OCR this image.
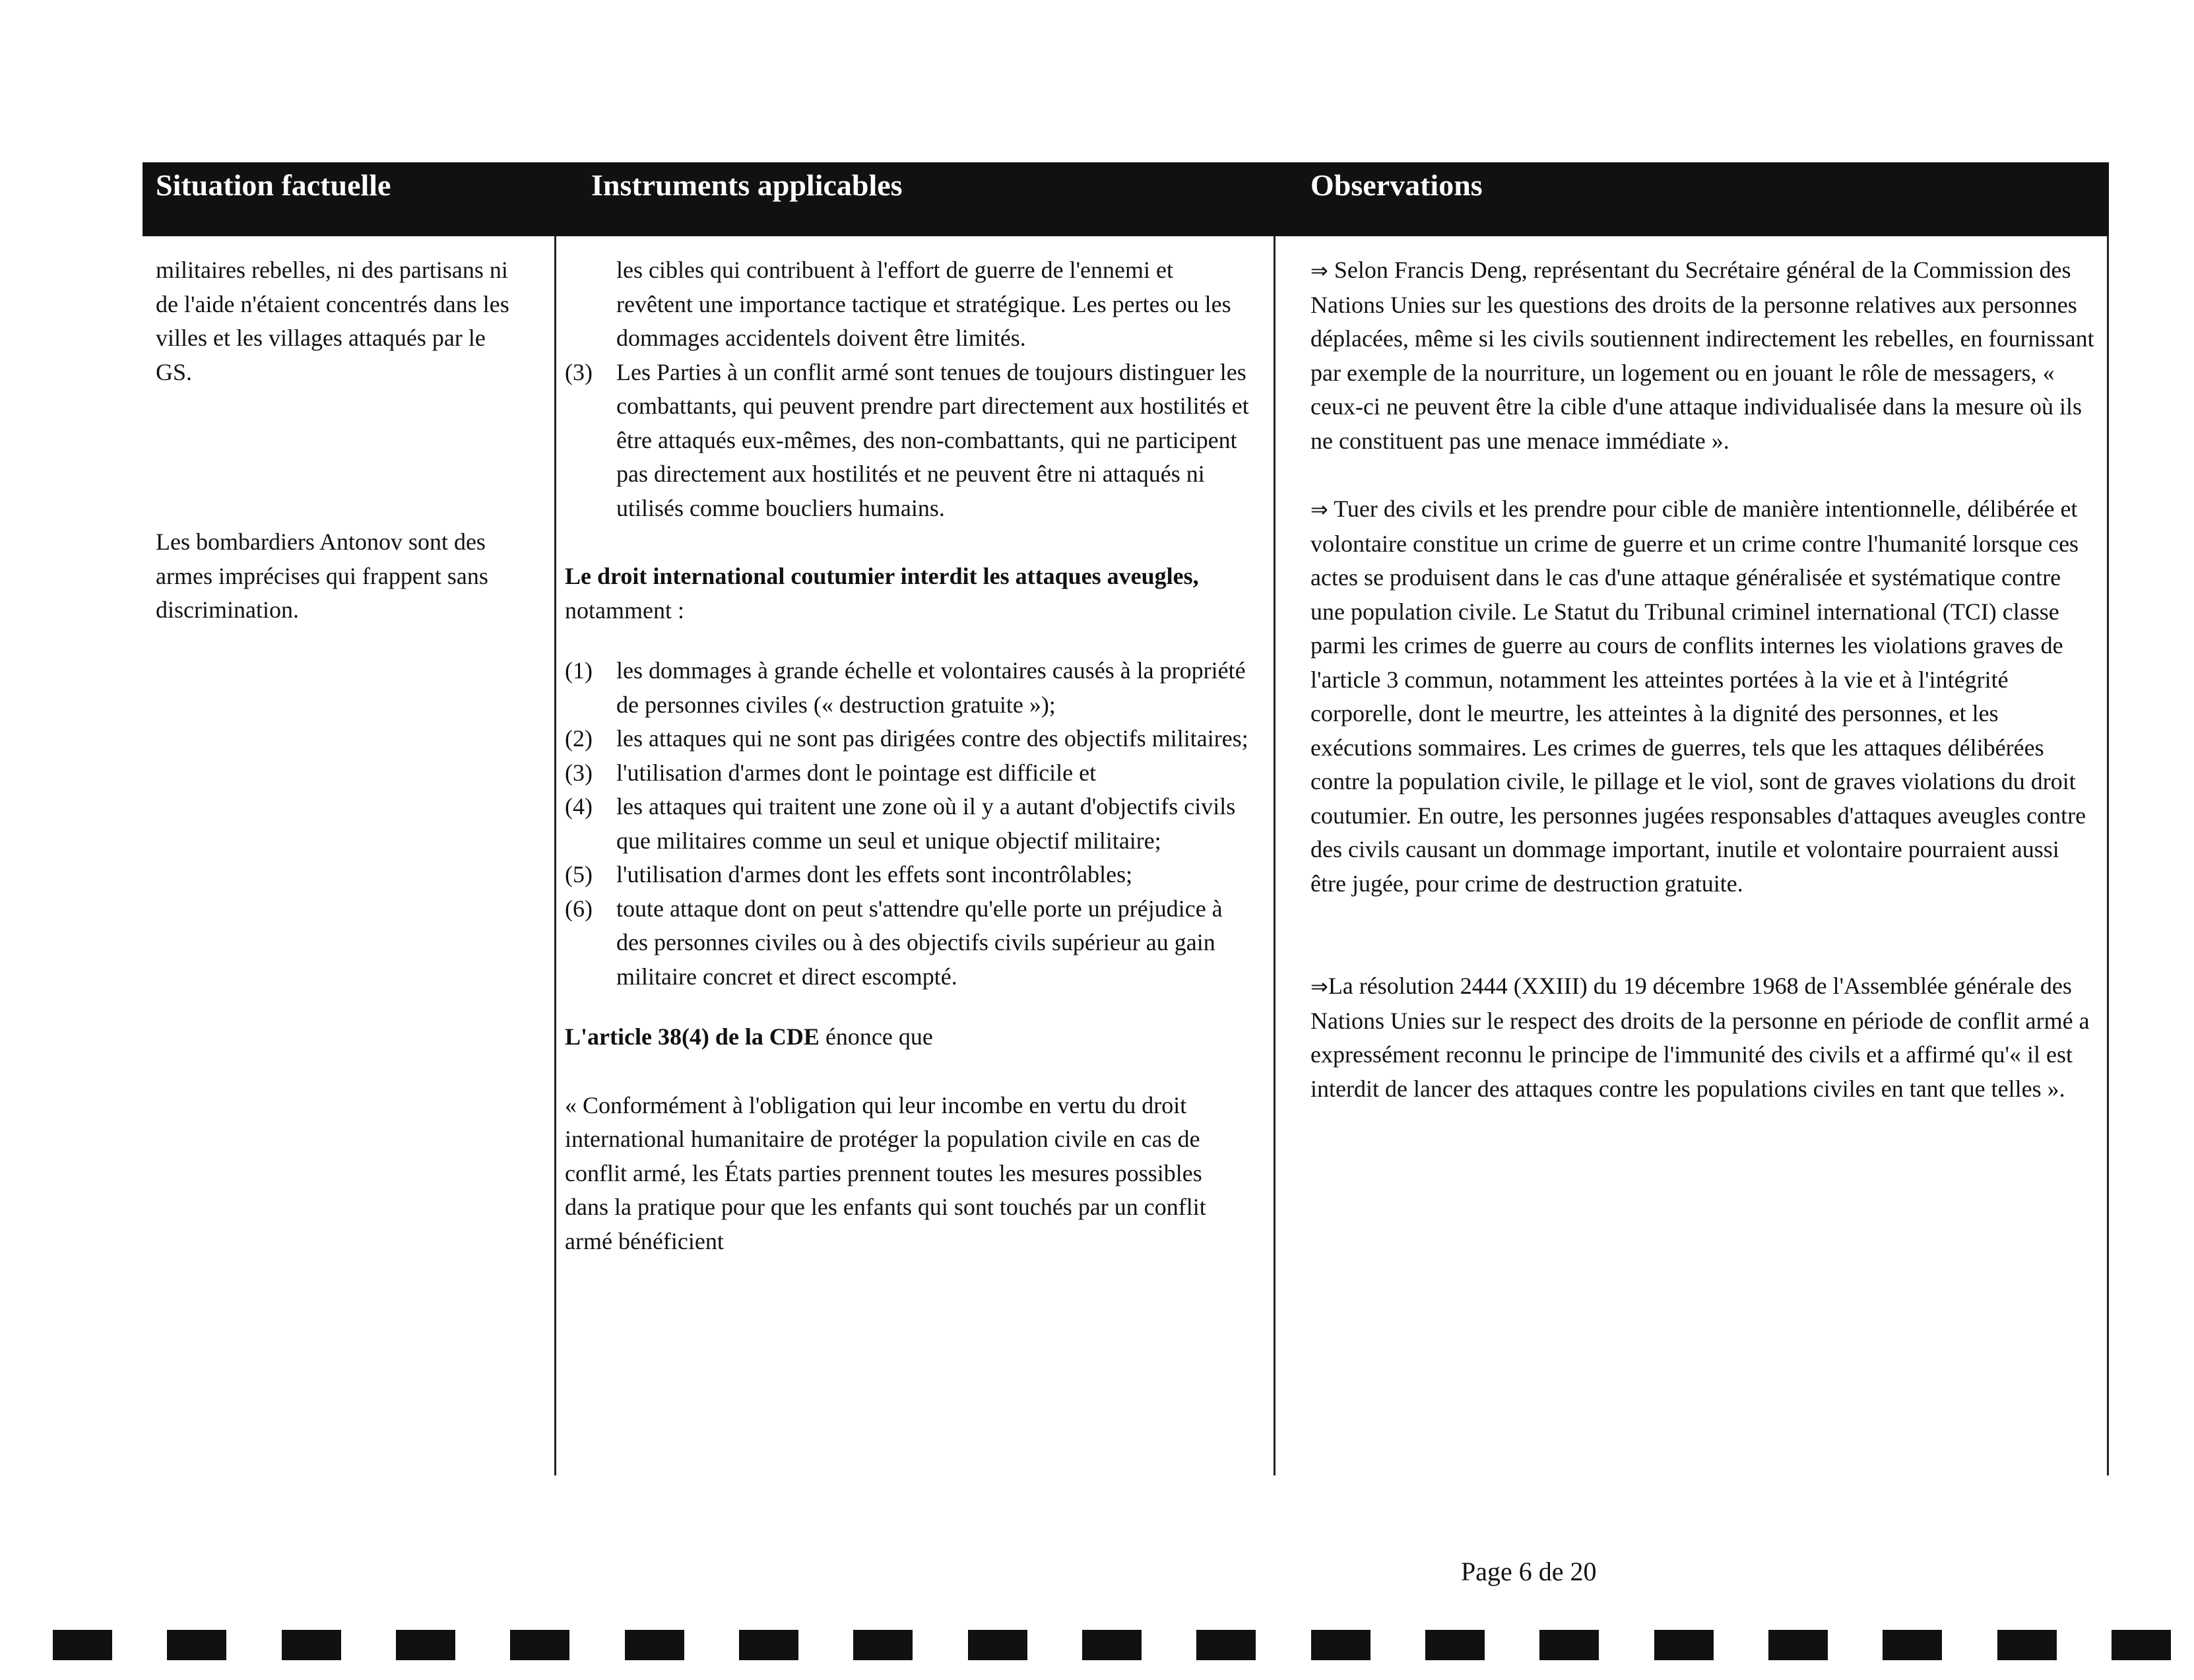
Situation factuelle	Instruments applicables	Observations

militaires rebelles, ni des partisans ni de l'aide n'étaient concentrés dans les villes et les villages attaqués par le GS.

Les bombardiers Antonov sont des armes imprécises qui frappent sans discrimination.

les cibles qui contribuent à l'effort de guerre de l'ennemi et revêtent une importance tactique et stratégique. Les pertes ou les dommages accidentels doivent être limités.

(3) Les Parties à un conflit armé sont tenues de toujours distinguer les combattants, qui peuvent prendre part directement aux hostilités et être attaqués eux-mêmes, des non-combattants, qui ne participent pas directement aux hostilités et ne peuvent être ni attaqués ni utilisés comme boucliers humains.

Le droit international coutumier interdit les attaques aveugles, notamment :

(1) les dommages à grande échelle et volontaires causés à la propriété de personnes civiles (« destruction gratuite »);
(2) les attaques qui ne sont pas dirigées contre des objectifs militaires;
(3) l'utilisation d'armes dont le pointage est difficile et
(4) les attaques qui traitent une zone où il y a autant d'objectifs civils que militaires comme un seul et unique objectif militaire;
(5) l'utilisation d'armes dont les effets sont incontrôlables;
(6) toute attaque dont on peut s'attendre qu'elle porte un préjudice à des personnes civiles ou à des objectifs civils supérieur au gain militaire concret et direct escompté.

L'article 38(4) de la CDE énonce que

« Conformément à l'obligation qui leur incombe en vertu du droit international humanitaire de protéger la population civile en cas de conflit armé, les États parties prennent toutes les mesures possibles dans la pratique pour que les enfants qui sont touchés par un conflit armé bénéficient

⇒ Selon Francis Deng, représentant du Secrétaire général de la Commission des Nations Unies sur les questions des droits de la personne relatives aux personnes déplacées, même si les civils soutiennent indirectement les rebelles, en fournissant par exemple de la nourriture, un logement ou en jouant le rôle de messagers, « ceux-ci ne peuvent être la cible d'une attaque individualisée dans la mesure où ils ne constituent pas une menace immédiate ».

⇒ Tuer des civils et les prendre pour cible de manière intentionnelle, délibérée et volontaire constitue un crime de guerre et un crime contre l'humanité lorsque ces actes se produisent dans le cas d'une attaque généralisée et systématique contre une population civile. Le Statut du Tribunal criminel international (TCI) classe parmi les crimes de guerre au cours de conflits internes les violations graves de l'article 3 commun, notamment les atteintes portées à la vie et à l'intégrité corporelle, dont le meurtre, les atteintes à la dignité des personnes, et les exécutions sommaires. Les crimes de guerres, tels que les attaques délibérées contre la population civile, le pillage et le viol, sont de graves violations du droit coutumier. En outre, les personnes jugées responsables d'attaques aveugles contre des civils causant un dommage important, inutile et volontaire pourraient aussi être jugée, pour crime de destruction gratuite.

⇒La résolution 2444 (XXIII) du 19 décembre 1968 de l'Assemblée générale des Nations Unies sur le respect des droits de la personne en période de conflit armé a expressément reconnu le principe de l'immunité des civils et a affirmé qu'« il est interdit de lancer des attaques contre les populations civiles en tant que telles ».

Page 6 de 20
